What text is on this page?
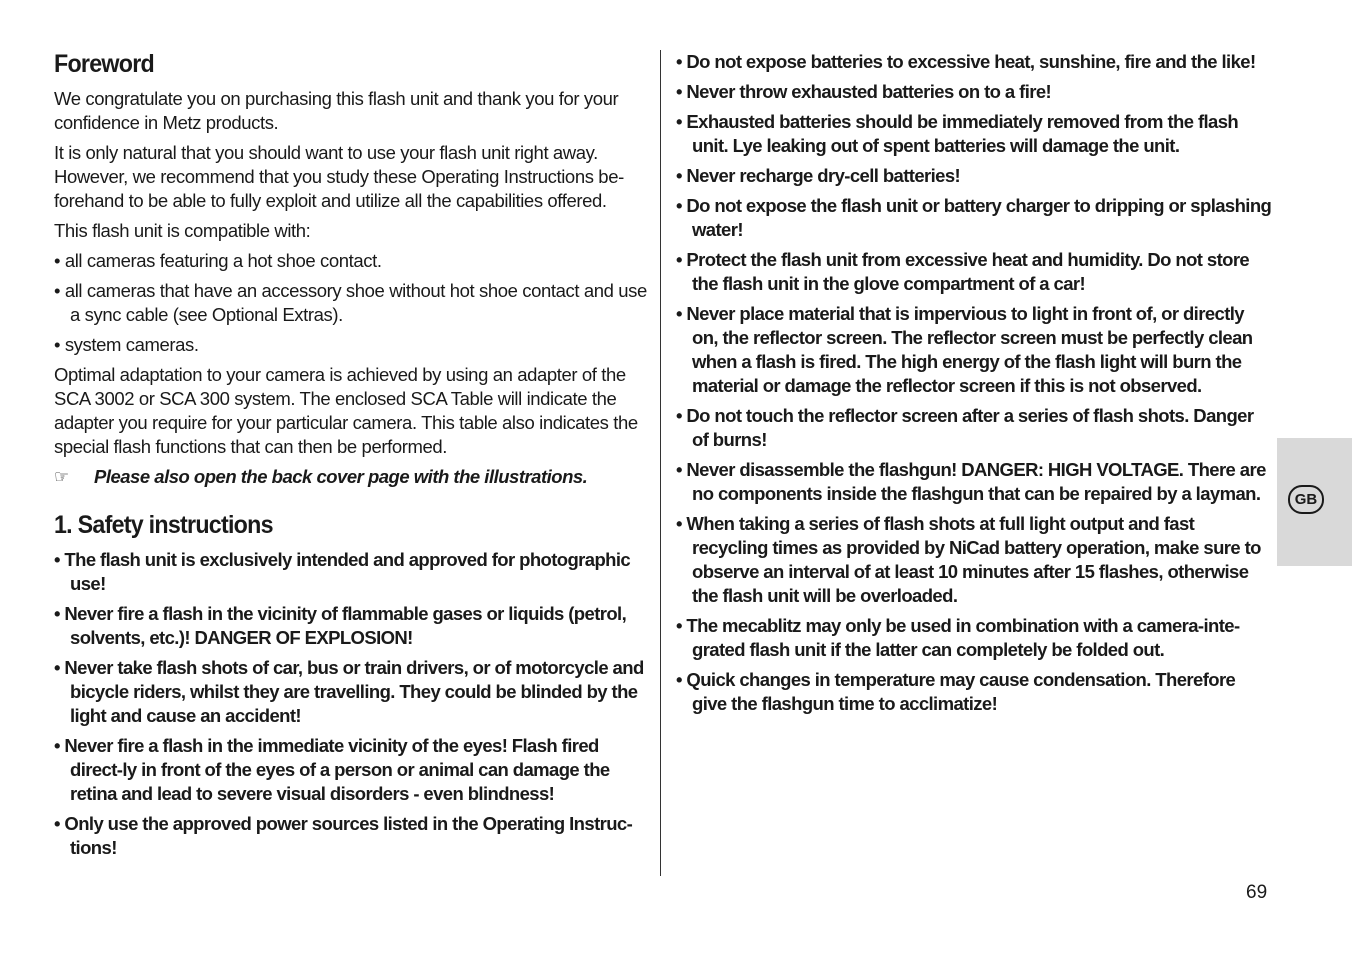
Foreword

We congratulate you on purchasing this flash unit and thank you for your confidence in Metz products.

It is only natural that you should want to use your flash unit right away. However, we recommend that you study these Operating Instructions be-forehand to be able to fully exploit and utilize all the capabilities offered.

This flash unit is compatible with:

• all cameras featuring a hot shoe contact.

• all cameras that have an accessory shoe without hot shoe contact and use a sync cable (see Optional Extras).

• system cameras.

Optimal adaptation to your camera is achieved by using an adapter of the SCA 3002 or SCA 300 system. The enclosed SCA Table will indicate the adapter you require for your particular camera. This table also indicates the special flash functions that can then be performed.

☞ Please also open the back cover page with the illustrations.

1. Safety instructions

• The flash unit is exclusively intended and approved for photographic use!

• Never fire a flash in the vicinity of flammable gases or liquids (petrol, solvents, etc.)! DANGER OF EXPLOSION!

• Never take flash shots of car, bus or train drivers, or of motorcycle and bicycle riders, whilst they are travelling. They could be blinded by the light and cause an accident!

• Never fire a flash in the immediate vicinity of the eyes! Flash fired direct-ly in front of the eyes of a person or animal can damage the retina and lead to severe visual disorders - even blindness!

• Only use the approved power sources listed in the Operating Instruc-tions!

• Do not expose batteries to excessive heat, sunshine, fire and the like!

• Never throw exhausted batteries on to a fire!

• Exhausted batteries should be immediately removed from the flash unit. Lye leaking out of spent batteries will damage the unit.

• Never recharge dry-cell batteries!

• Do not expose the flash unit or battery charger to dripping or splashing water!

• Protect the flash unit from excessive heat and humidity. Do not store the flash unit in the glove compartment of a car!

• Never place material that is impervious to light in front of, or directly on, the reflector screen. The reflector screen must be perfectly clean when a flash is fired. The high energy of the flash light will burn the material or damage the reflector screen if this is not observed.

• Do not touch the reflector screen after a series of flash shots. Danger of burns!

• Never disassemble the flashgun! DANGER: HIGH VOLTAGE. There are no components inside the flashgun that can be repaired by a layman.

• When taking a series of flash shots at full light output and fast recycling times as provided by NiCad battery operation, make sure to observe an interval of at least 10 minutes after 15 flashes, otherwise the flash unit will be overloaded.

• The mecablitz may only be used in combination with a camera-inte-grated flash unit if the latter can completely be folded out.

• Quick changes in temperature may cause condensation. Therefore give the flashgun time to acclimatize!

GB
69
